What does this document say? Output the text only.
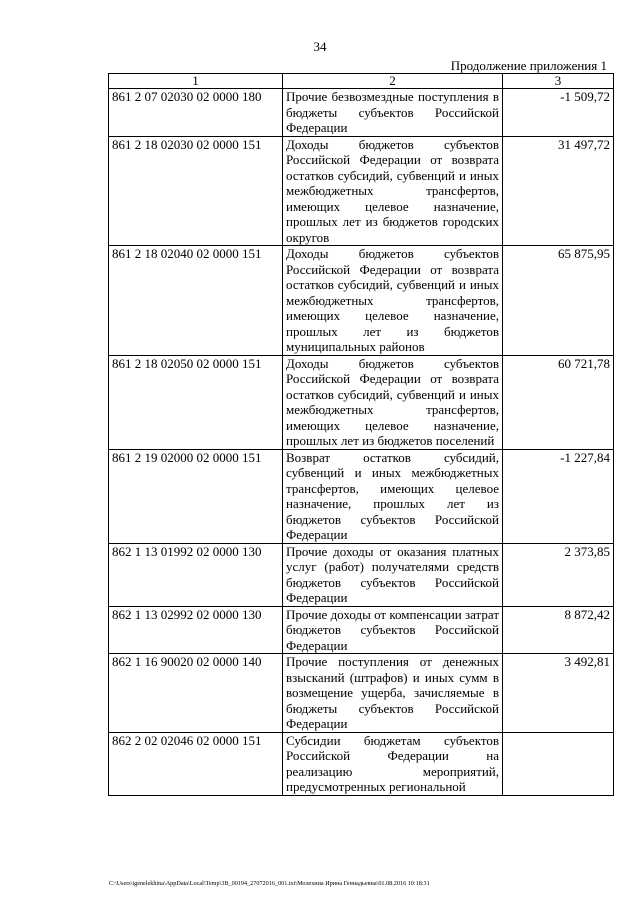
34
Продолжение приложения 1
1	2	3
861 2 07 02030 02 0000 180	Прочие безвозмездные поступления в бюджеты субъектов Российской Федерации	-1 509,72
861 2 18 02030 02 0000 151	Доходы бюджетов субъектов Российской Федерации от возврата остатков субсидий, субвенций и иных межбюджетных трансфертов, имеющих целевое назначение, прошлых лет из бюджетов городских округов	31 497,72
861 2 18 02040 02 0000 151	Доходы бюджетов субъектов Российской Федерации от возврата остатков субсидий, субвенций и иных межбюджетных трансфертов, имеющих целевое назначение, прошлых лет из бюджетов муниципальных районов	65 875,95
861 2 18 02050 02 0000 151	Доходы бюджетов субъектов Российской Федерации от возврата остатков субсидий, субвенций и иных межбюджетных трансфертов, имеющих целевое назначение, прошлых лет из бюджетов поселений	60 721,78
861 2 19 02000 02 0000 151	Возврат остатков субсидий, субвенций и иных межбюджетных трансфертов, имеющих целевое назначение, прошлых лет из бюджетов субъектов Российской Федерации	-1 227,84
862 1 13 01992 02 0000 130	Прочие доходы от оказания платных услуг (работ) получателями средств бюджетов субъектов Российской Федерации	2 373,85
862 1 13 02992 02 0000 130	Прочие доходы от компенсации затрат бюджетов субъектов Российской Федерации	8 872,42
862 1 16 90020 02 0000 140	Прочие поступления от денежных взысканий (штрафов) и иных сумм в возмещение ущерба, зачисляемые в бюджеты субъектов Российской Федерации	3 492,81
862 2 02 02046 02 0000 151	Субсидии бюджетам субъектов Российской Федерации на реализацию мероприятий, предусмотренных региональной	
C:\Users\igenelekhina\AppData\Local\Temp\3B_00194_27072016_001.txt\Молехина Ирина Геннадьевна\01.08.2016 10:18:31
